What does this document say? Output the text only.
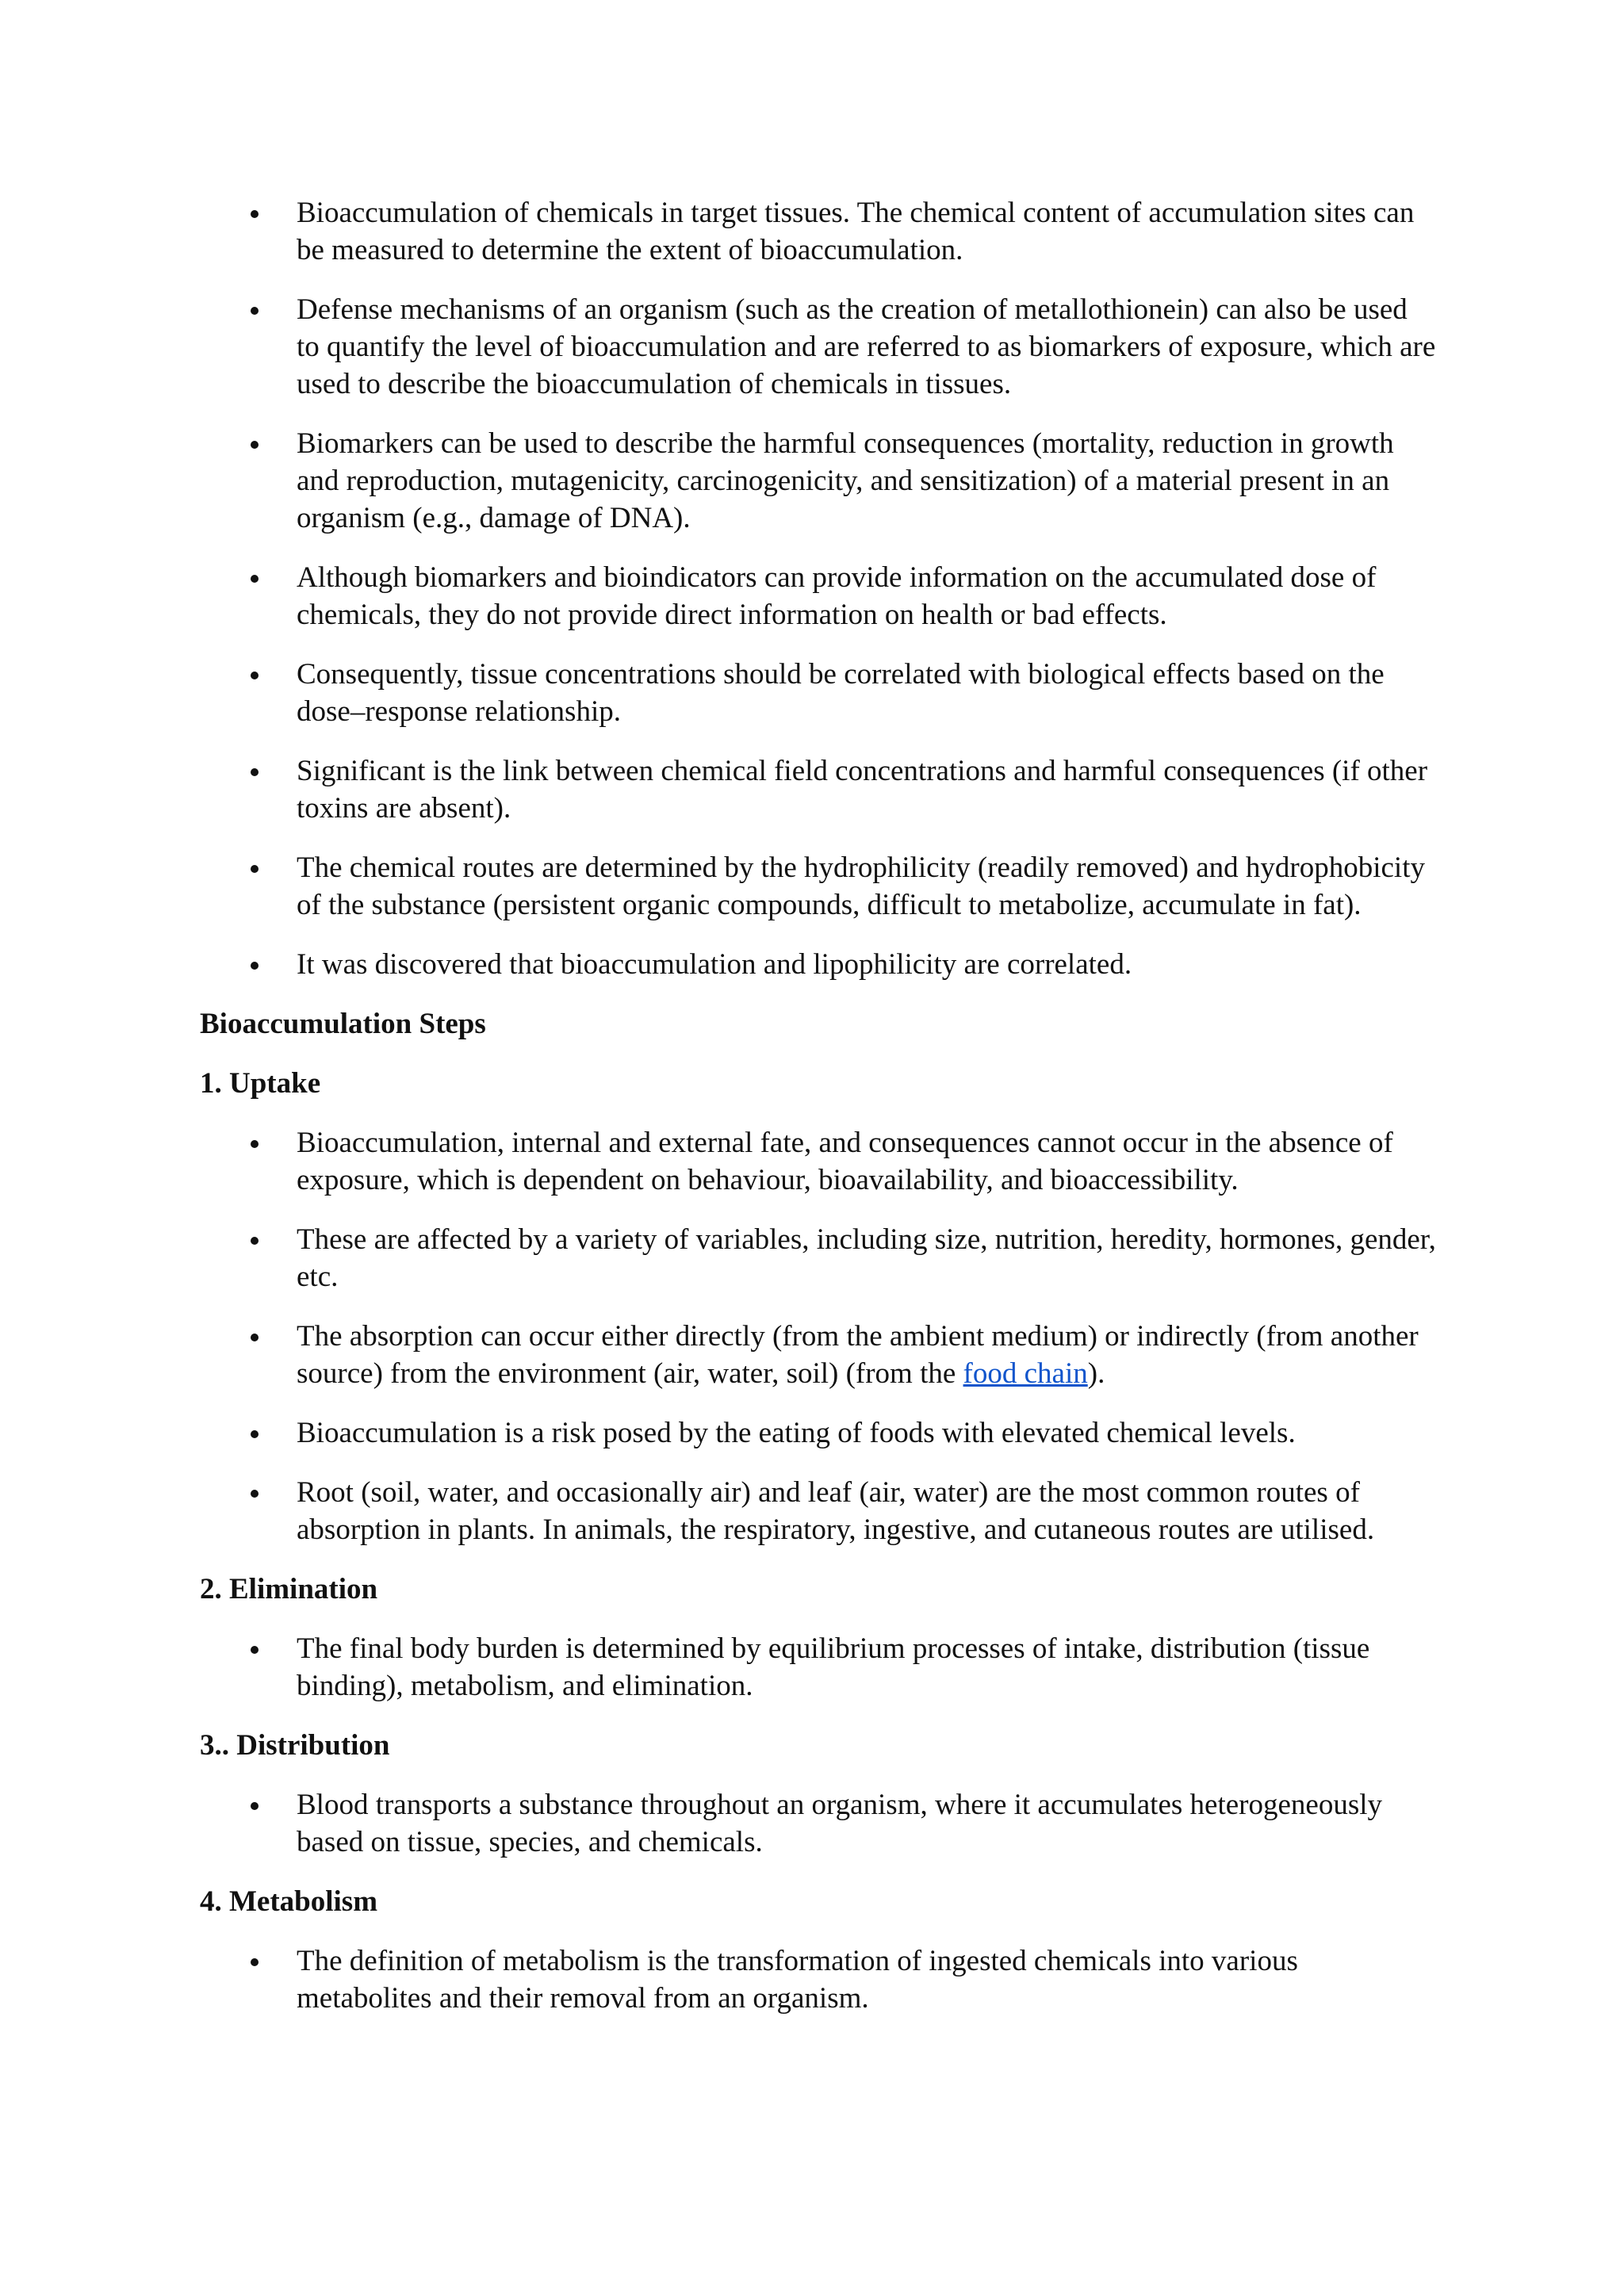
Bioaccumulation of chemicals in target tissues. The chemical content of accumulation sites can be measured to determine the extent of bioaccumulation.
Defense mechanisms of an organism (such as the creation of metallothionein) can also be used to quantify the level of bioaccumulation and are referred to as biomarkers of exposure, which are used to describe the bioaccumulation of chemicals in tissues.
Biomarkers can be used to describe the harmful consequences (mortality, reduction in growth and reproduction, mutagenicity, carcinogenicity, and sensitization) of a material present in an organism (e.g., damage of DNA).
Although biomarkers and bioindicators can provide information on the accumulated dose of chemicals, they do not provide direct information on health or bad effects.
Consequently, tissue concentrations should be correlated with biological effects based on the dose–response relationship.
Significant is the link between chemical field concentrations and harmful consequences (if other toxins are absent).
The chemical routes are determined by the hydrophilicity (readily removed) and hydrophobicity of the substance (persistent organic compounds, difficult to metabolize, accumulate in fat).
It was discovered that bioaccumulation and lipophilicity are correlated.
Bioaccumulation Steps
1. Uptake
Bioaccumulation, internal and external fate, and consequences cannot occur in the absence of exposure, which is dependent on behaviour, bioavailability, and bioaccessibility.
These are affected by a variety of variables, including size, nutrition, heredity, hormones, gender, etc.
The absorption can occur either directly (from the ambient medium) or indirectly (from another source) from the environment (air, water, soil) (from the food chain).
Bioaccumulation is a risk posed by the eating of foods with elevated chemical levels.
Root (soil, water, and occasionally air) and leaf (air, water) are the most common routes of absorption in plants. In animals, the respiratory, ingestive, and cutaneous routes are utilised.
2. Elimination
The final body burden is determined by equilibrium processes of intake, distribution (tissue binding), metabolism, and elimination.
3.. Distribution
Blood transports a substance throughout an organism, where it accumulates heterogeneously based on tissue, species, and chemicals.
4. Metabolism
The definition of metabolism is the transformation of ingested chemicals into various metabolites and their removal from an organism.
